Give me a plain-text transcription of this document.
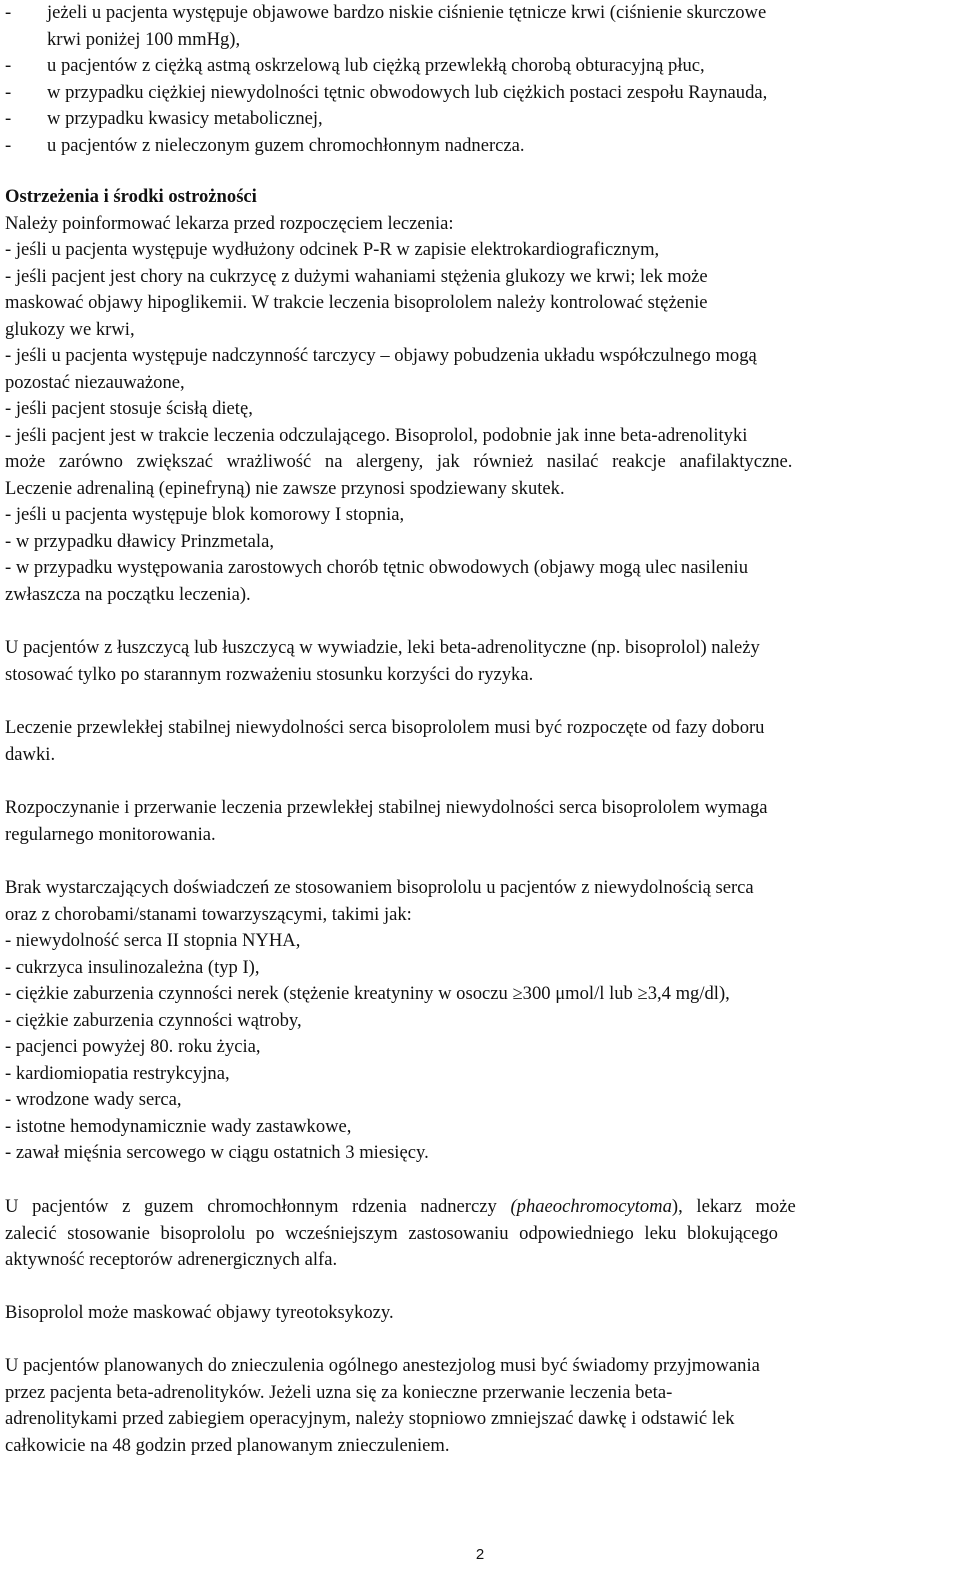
- jeżeli u pacjenta występuje objawowe bardzo niskie ciśnienie tętnicze krwi (ciśnienie skurczowe
krwi poniżej 100 mmHg),
- u pacjentów z ciężką astmą oskrzelową lub ciężką przewlekłą chorobą obturacyjną płuc,
- w przypadku ciężkiej niewydolności tętnic obwodowych lub ciężkich postaci zespołu Raynauda,
- w przypadku kwasicy metabolicznej,
- u pacjentów z nieleczonym guzem chromochłonnym nadnercza.
Ostrzeżenia i środki ostrożności
Należy poinformować lekarza przed rozpoczęciem leczenia:
- jeśli u pacjenta występuje wydłużony odcinek P-R w zapisie elektrokardiograficznym,
- jeśli pacjent jest chory na cukrzycę z dużymi wahaniami stężenia glukozy we krwi; lek może
maskować objawy hipoglikemii. W trakcie leczenia bisoprololem należy kontrolować stężenie
glukozy we krwi,
- jeśli u pacjenta występuje nadczynność tarczycy – objawy pobudzenia układu współczulnego mogą
pozostać niezauważone,
- jeśli pacjent stosuje ścisłą dietę,
- jeśli pacjent jest w trakcie leczenia odczulającego. Bisoprolol, podobnie jak inne beta-adrenolityki
może zarówno zwiększać wrażliwość na alergeny, jak również nasilać reakcje anafilaktyczne.
Leczenie adrenaliną (epinefryną) nie zawsze przynosi spodziewany skutek.
- jeśli u pacjenta występuje blok komorowy I stopnia,
- w przypadku dławicy Prinzmetala,
- w przypadku występowania zarostowych chorób tętnic obwodowych (objawy mogą ulec nasileniu
zwłaszcza na początku leczenia).
U pacjentów z łuszczycą lub łuszczycą w wywiadzie, leki beta-adrenolityczne (np. bisoprolol) należy
stosować tylko po starannym rozważeniu stosunku korzyści do ryzyka.
Leczenie przewlekłej stabilnej niewydolności serca bisoprololem musi być rozpoczęte od fazy doboru
dawki.
Rozpoczynanie i przerwanie leczenia przewlekłej stabilnej niewydolności serca bisoprololem wymaga
regularnego monitorowania.
Brak wystarczających doświadczeń ze stosowaniem bisoprololu u pacjentów z niewydolnością serca
oraz z chorobami/stanami towarzyszącymi, takimi jak:
- niewydolność serca II stopnia NYHA,
- cukrzyca insulinozależna (typ I),
- ciężkie zaburzenia czynności nerek (stężenie kreatyniny w osoczu ≥300 μmol/l lub ≥3,4 mg/dl),
- ciężkie zaburzenia czynności wątroby,
- pacjenci powyżej 80. roku życia,
- kardiomiopatia restrykcyjna,
- wrodzone wady serca,
- istotne hemodynamicznie wady zastawkowe,
- zawał mięśnia sercowego w ciągu ostatnich 3 miesięcy.
U pacjentów z guzem chromochłonnym rdzenia nadnerczy (phaeochromocytoma), lekarz może
zalecić stosowanie bisoprololu po wcześniejszym zastosowaniu odpowiedniego leku blokującego
aktywność receptorów adrenergicznych alfa.
Bisoprolol może maskować objawy tyreotoksykozy.
U pacjentów planowanych do znieczulenia ogólnego anestezjolog musi być świadomy przyjmowania
przez pacjenta beta-adrenolityków. Jeżeli uzna się za konieczne przerwanie leczenia beta-
adrenolitykami przed zabiegiem operacyjnym, należy stopniowo zmniejszać dawkę i odstawić lek
całkowicie na 48 godzin przed planowanym znieczuleniem.
2
